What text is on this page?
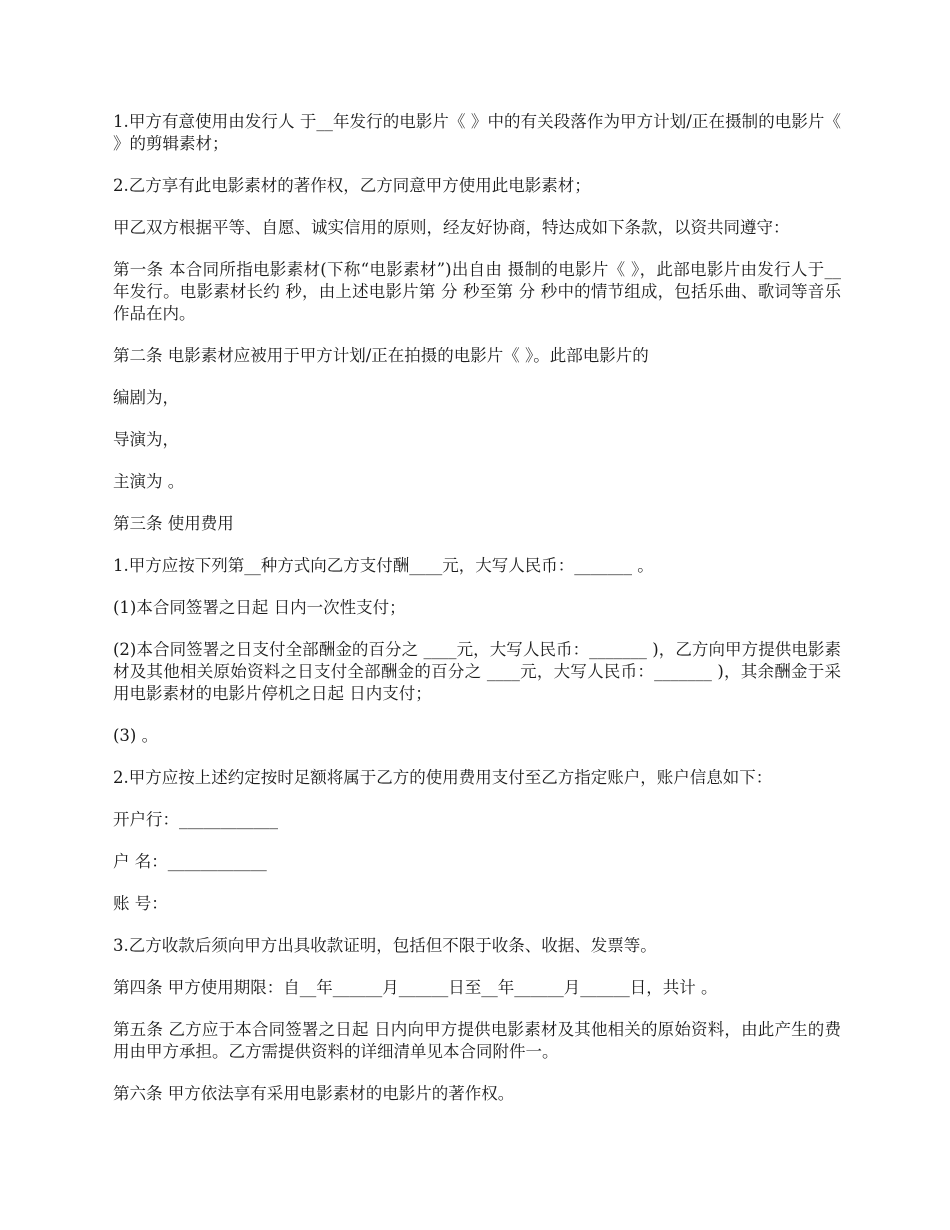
1.甲方有意使用由发行人 于__年发行的电影片《 》中的有关段落作为甲方计划/正在摄制的电影片《 》的剪辑素材；

2.乙方享有此电影素材的著作权，乙方同意甲方使用此电影素材；

甲乙双方根据平等、自愿、诚实信用的原则，经友好协商，特达成如下条款，以资共同遵守：

第一条 本合同所指电影素材(下称“电影素材”)出自由 摄制的电影片《 》，此部电影片由发行人于__年发行。电影素材长约 秒，由上述电影片第 分 秒至第 分 秒中的情节组成，包括乐曲、歌词等音乐作品在内。

第二条 电影素材应被用于甲方计划/正在拍摄的电影片《 》。此部电影片的

编剧为，

导演为，

主演为 。

第三条 使用费用

1.甲方应按下列第__种方式向乙方支付酬____元，大写人民币：_______ 。

(1)本合同签署之日起 日内一次性支付；

(2)本合同签署之日支付全部酬金的百分之 ____元，大写人民币：_______ )，乙方向甲方提供电影素材及其他相关原始资料之日支付全部酬金的百分之 ____元，大写人民币：_______ )，其余酬金于采用电影素材的电影片停机之日起 日内支付；

(3) 。

2.甲方应按上述约定按时足额将属于乙方的使用费用支付至乙方指定账户，账户信息如下：

开户行：____________

户 名：____________

账 号：

3.乙方收款后须向甲方出具收款证明，包括但不限于收条、收据、发票等。

第四条 甲方使用期限：自__年______月______日至__年______月______日，共计 。

第五条 乙方应于本合同签署之日起 日内向甲方提供电影素材及其他相关的原始资料，由此产生的费用由甲方承担。乙方需提供资料的详细清单见本合同附件一。

第六条 甲方依法享有采用电影素材的电影片的著作权。
